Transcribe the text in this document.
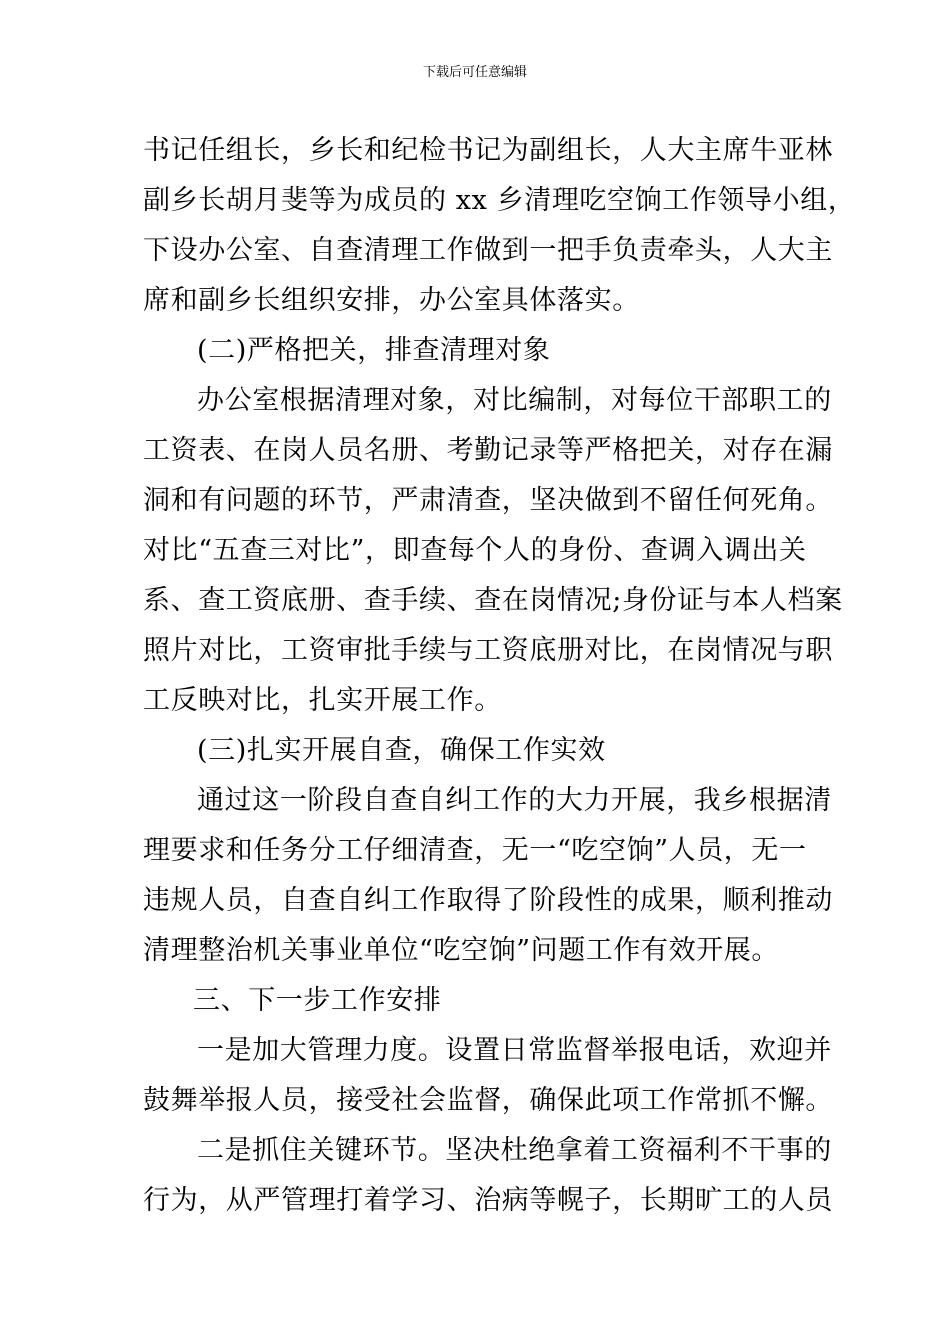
下载后可任意编辑
书记任组长，乡长和纪检书记为副组长，人大主席牛亚林
副乡长胡月斐等为成员的 xx 乡清理吃空饷工作领导小组，
下设办公室、自查清理工作做到一把手负责牵头，人大主
席和副乡长组织安排，办公室具体落实。
(二)严格把关，排查清理对象
办公室根据清理对象，对比编制，对每位干部职工的
工资表、在岗人员名册、考勤记录等严格把关，对存在漏
洞和有问题的环节，严肃清查，坚决做到不留任何死角。
对比“五查三对比”，即查每个人的身份、查调入调出关
系、查工资底册、查手续、查在岗情况;身份证与本人档案
照片对比，工资审批手续与工资底册对比，在岗情况与职
工反映对比，扎实开展工作。
(三)扎实开展自查，确保工作实效
通过这一阶段自查自纠工作的大力开展，我乡根据清
理要求和任务分工仔细清查，无一“吃空饷”人员，无一
违规人员，自查自纠工作取得了阶段性的成果，顺利推动
清理整治机关事业单位“吃空饷”问题工作有效开展。
三、下一步工作安排
一是加大管理力度。设置日常监督举报电话，欢迎并
鼓舞举报人员，接受社会监督，确保此项工作常抓不懈。
二是抓住关键环节。坚决杜绝拿着工资福利不干事的
行为，从严管理打着学习、治病等幌子，长期旷工的人员
